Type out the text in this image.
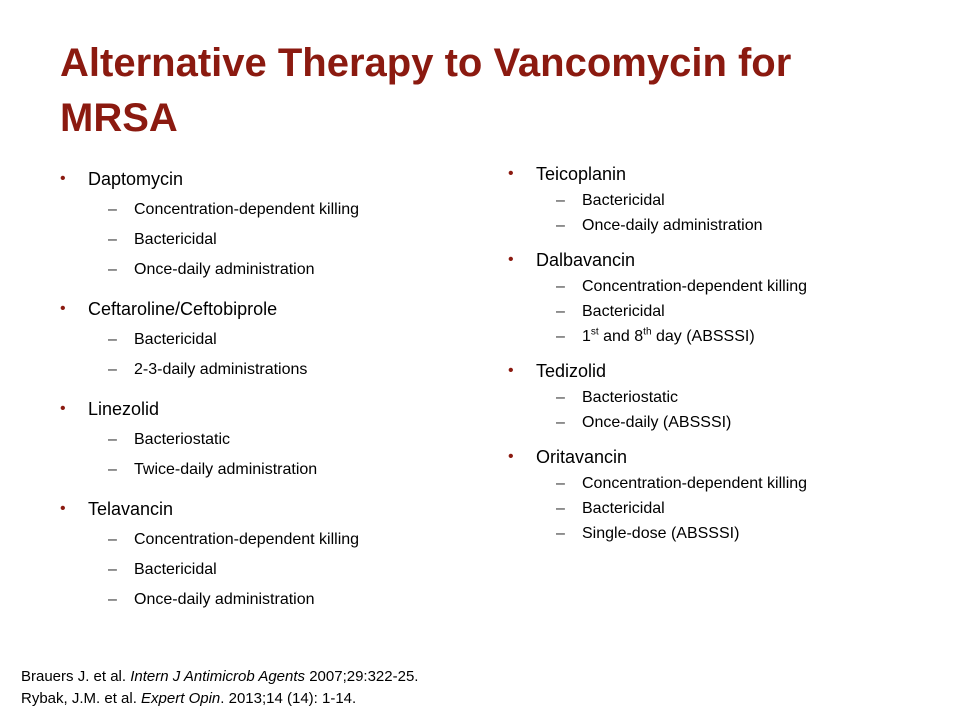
Alternative Therapy to Vancomycin for
MRSA
• Daptomycin
– Concentration-dependent killing
– Bactericidal
– Once-daily administration
• Ceftaroline/Ceftobiprole
– Bactericidal
– 2-3-daily administrations
• Linezolid
– Bacteriostatic
– Twice-daily administration
• Telavancin
– Concentration-dependent killing
– Bactericidal
– Once-daily administration
• Teicoplanin
– Bactericidal
– Once-daily administration
• Dalbavancin
– Concentration-dependent killing
– Bactericidal
– 1st and 8th day (ABSSSI)
• Tedizolid
– Bacteriostatic
– Once-daily (ABSSSI)
• Oritavancin
– Concentration-dependent killing
– Bactericidal
– Single-dose (ABSSSI)
Brauers J. et al. Intern J Antimicrob Agents 2007;29:322-25.
Rybak, J.M. et al. Expert Opin. 2013;14 (14): 1-14.
